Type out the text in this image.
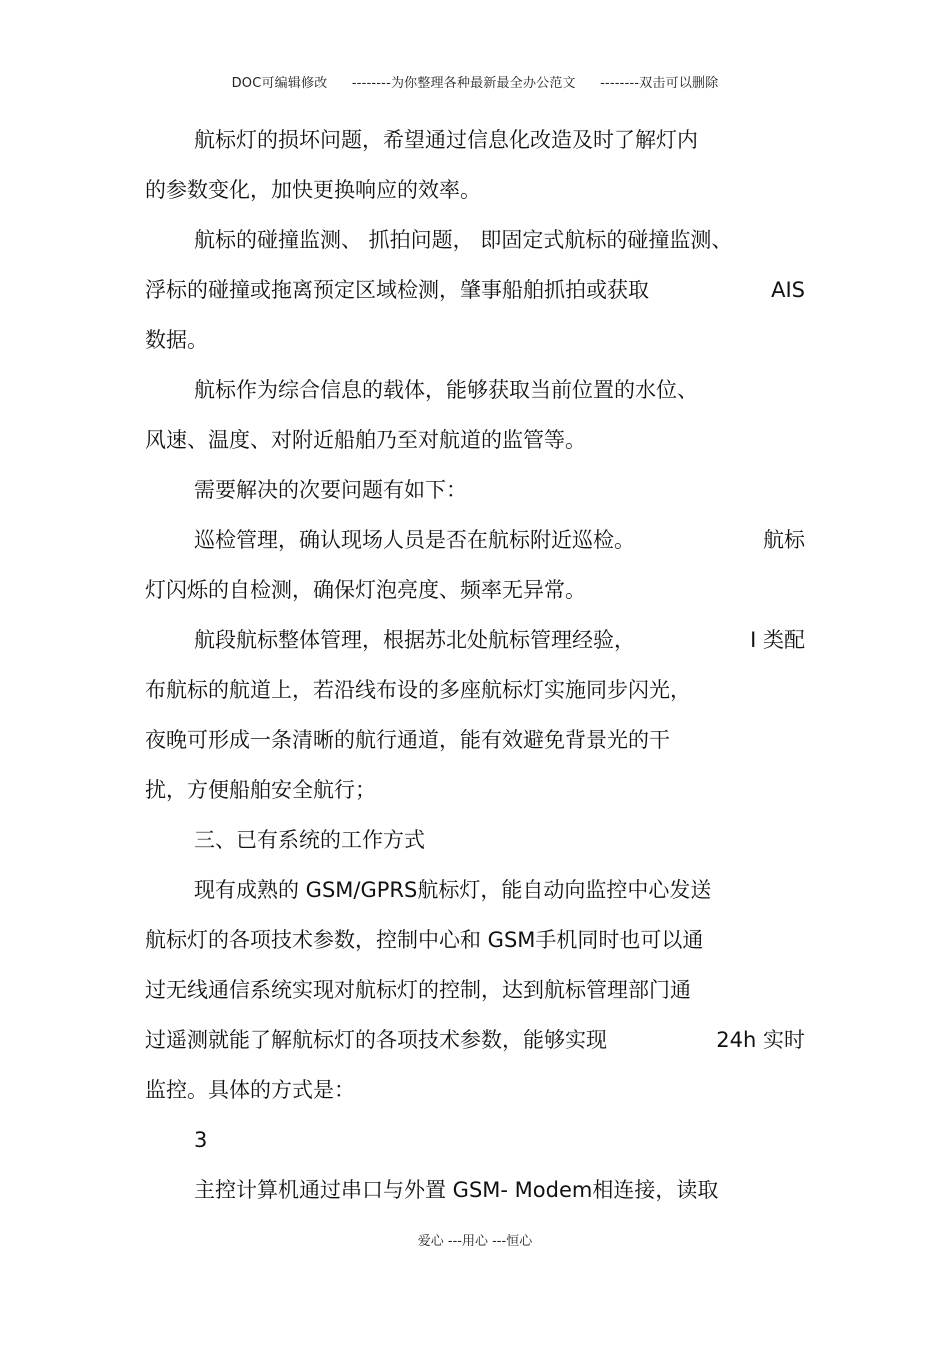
DOC可编辑修改 --------为你整理各种最新最全办公范文 --------双击可以删除
航标灯的损坏问题，希望通过信息化改造及时了解灯内
的参数变化，加快更换响应的效率。
航标的碰撞监测、 抓拍问题， 即固定式航标的碰撞监测、
浮标的碰撞或拖离预定区域检测，肇事船舶抓拍或获取	AIS
数据。
航标作为综合信息的载体，能够获取当前位置的水位、
风速、温度、对附近船舶乃至对航道的监管等。
需要解决的次要问题有如下：
巡检管理，确认现场人员是否在航标附近巡检。	航标
灯闪烁的自检测，确保灯泡亮度、频率无异常。
航段航标整体管理，根据苏北处航标管理经验，	I 类配
布航标的航道上，若沿线布设的多座航标灯实施同步闪光，
夜晚可形成一条清晰的航行通道，能有效避免背景光的干
扰，方便船舶安全航行；
三、已有系统的工作方式
现有成熟的 GSM/GPRS航标灯，能自动向监控中心发送
航标灯的各项技术参数，控制中心和 GSM手机同时也可以通
过无线通信系统实现对航标灯的控制，达到航标管理部门通
过遥测就能了解航标灯的各项技术参数，能够实现	24h 实时
监控。具体的方式是：
3
主控计算机通过串口与外置 GSM- Modem相连接，读取
爱心 ---用心 ---恒心
